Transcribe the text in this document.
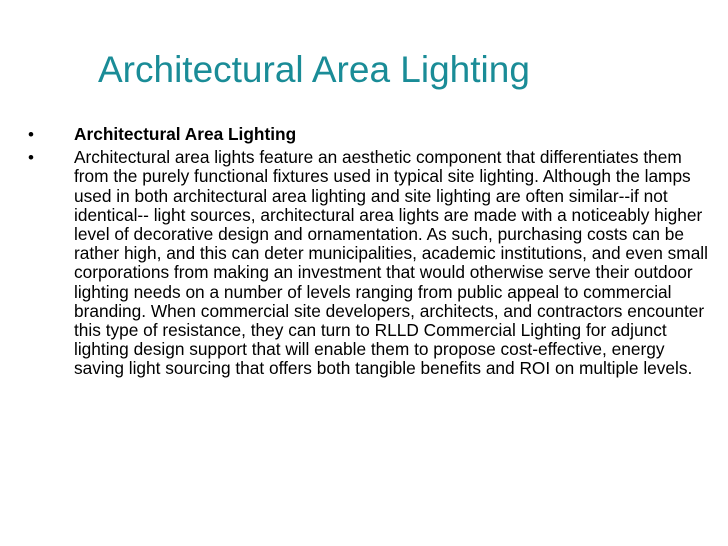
Architectural Area Lighting
• Architectural Area Lighting
• Architectural area lights feature an aesthetic component that differentiates them from the purely functional fixtures used in typical site lighting. Although the lamps used in both architectural area lighting and site lighting are often similar--if not identical-- light sources, architectural area lights are made with a noticeably higher level of decorative design and ornamentation. As such, purchasing costs can be rather high, and this can deter municipalities, academic institutions, and even small corporations from making an investment that would otherwise serve their outdoor lighting needs on a number of levels ranging from public appeal to commercial branding. When commercial site developers, architects, and contractors encounter this type of resistance, they can turn to RLLD Commercial Lighting for adjunct lighting design support that will enable them to propose cost-effective, energy saving light sourcing that offers both tangible benefits and ROI on multiple levels.
